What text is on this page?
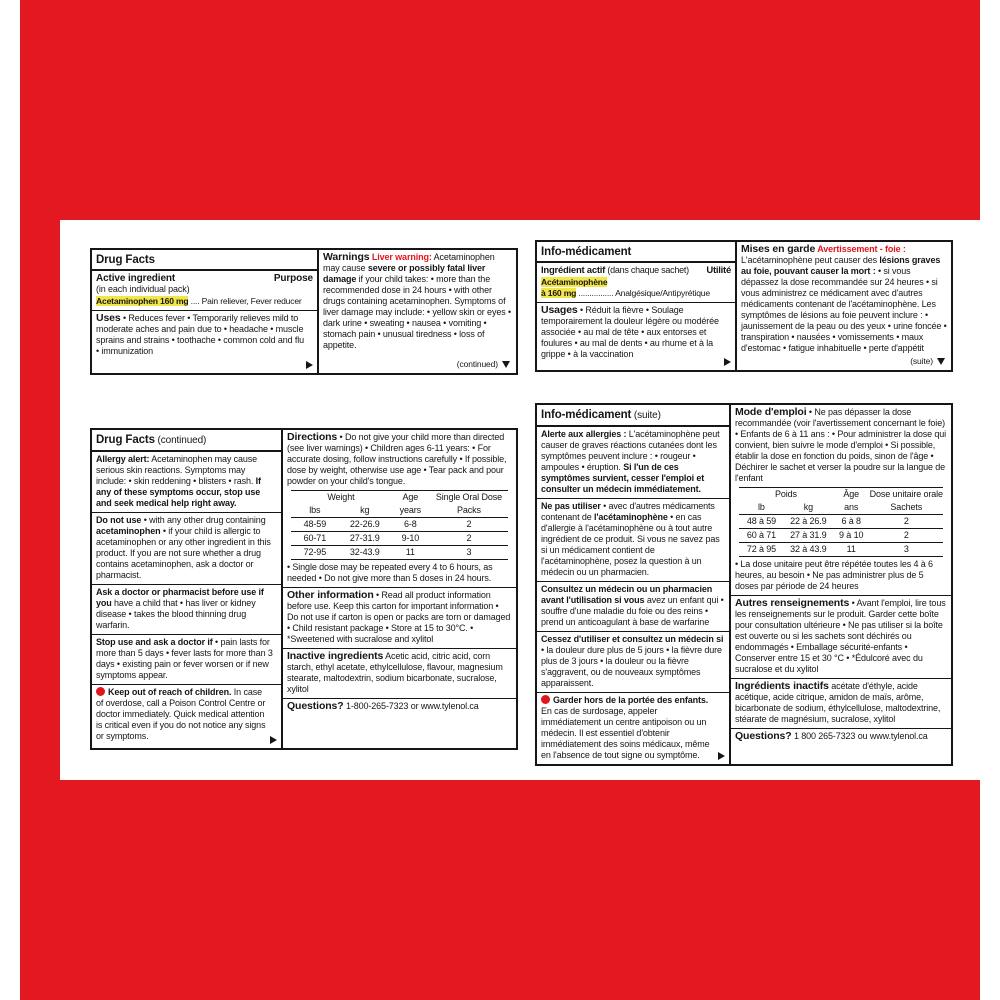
Drug Facts
Active ingredient	Purpose
(in each individual pack)
Acetaminophen 160 mg .... Pain reliever, Fever reducer

Uses • Reduces fever • Temporarily relieves mild to moderate aches and pain due to • headache • muscle sprains and strains • toothache • common cold and flu • immunization

Warnings Liver warning: Acetaminophen may cause severe or possibly fatal liver damage if your child takes: • more than the recommended dose in 24 hours • with other drugs containing acetaminophen. Symptoms of liver damage may include: • yellow skin or eyes • dark urine • sweating • nausea • vomiting • stomach pain • unusual tiredness • loss of appetite.

(continued)
Info-médicament
Ingrédient actif (dans chaque sachet) Utilité
Acétaminophène
à 160 mg ................ Analgésique/Antipyrétique

Usages • Réduit la fièvre • Soulage temporairement la douleur légère ou modérée associée • au mal de tête • aux entorses et foulures • au mal de dents • au rhume et à la grippe • à la vaccination

Mises en garde Avertissement - foie : L'acétaminophène peut causer des lésions graves au foie, pouvant causer la mort : • si vous dépassez la dose recommandée sur 24 heures • si vous administrez ce médicament avec d'autres médicaments contenant de l'acétaminophène. Les symptômes de lésions au foie peuvent inclure : • jaunissement de la peau ou des yeux • urine foncée • transpiration • nausées • vomissements • maux d'estomac • fatigue inhabituelle • perte d'appétit

(suite)
Drug Facts (continued)

Allergy alert: Acetaminophen may cause serious skin reactions. Symptoms may include: • skin reddening • blisters • rash. If any of these symptoms occur, stop use and seek medical help right away.

Do not use • with any other drug containing acetaminophen • if your child is allergic to acetaminophen or any other ingredient in this product. If you are not sure whether a drug contains acetaminophen, ask a doctor or pharmacist.

Ask a doctor or pharmacist before use if you have a child that • has liver or kidney disease • takes the blood thinning drug warfarin.

Stop use and ask a doctor if • pain lasts for more than 5 days • fever lasts for more than 3 days • existing pain or fever worsen or if new symptoms appear.

Keep out of reach of children. In case of overdose, call a Poison Control Centre or doctor immediately. Quick medical attention is critical even if you do not notice any signs or symptoms.

Directions • Do not give your child more than directed (see liver warnings) • Children ages 6-11 years: • For accurate dosing, follow instructions carefully • If possible, dose by weight, otherwise use age • Tear pack and pour powder on your child's tongue.

Weight		Age	Single Oral Dose
lbs	kg	years	Packs
48-59	22-26.9	6-8	2
60-71	27-31.9	9-10	2
72-95	32-43.9	11	3

• Single dose may be repeated every 4 to 6 hours, as needed • Do not give more than 5 doses in 24 hours.

Other information • Read all product information before use. Keep this carton for important information • Do not use if carton is open or packs are torn or damaged • Child resistant package • Store at 15 to 30°C. • *Sweetened with sucralose and xylitol

Inactive ingredients Acetic acid, citric acid, corn starch, ethyl acetate, ethylcellulose, flavour, magnesium stearate, maltodextrin, sodium bicarbonate, sucralose, xylitol

Questions? 1-800-265-7323 or www.tylenol.ca

Info-médicament (suite)

Alerte aux allergies : L'acétaminophène peut causer de graves réactions cutanées dont les symptômes peuvent inclure : • rougeur • ampoules • éruption. Si l'un de ces symptômes survient, cesser l'emploi et consulter un médecin immédiatement.

Ne pas utiliser • avec d'autres médicaments contenant de l'acétaminophène • en cas d'allergie à l'acétaminophène ou à tout autre ingrédient de ce produit. Si vous ne savez pas si un médicament contient de l'acétaminophène, posez la question à un médecin ou un pharmacien.

Consultez un médecin ou un pharmacien avant l'utilisation si vous avez un enfant qui • souffre d'une maladie du foie ou des reins • prend un anticoagulant à base de warfarine

Cessez d'utiliser et consultez un médecin si • la douleur dure plus de 5 jours • la fièvre dure plus de 3 jours • la douleur ou la fièvre s'aggravent, ou de nouveaux symptômes apparaissent.

Garder hors de la portée des enfants. En cas de surdosage, appeler immédiatement un centre antipoison ou un médecin. Il est essentiel d'obtenir immédiatement des soins médicaux, même en l'absence de tout signe ou symptôme.

Mode d'emploi • Ne pas dépasser la dose recommandée (voir l'avertissement concernant le foie) • Enfants de 6 à 11 ans : • Pour administrer la dose qui convient, bien suivre le mode d'emploi • Si possible, établir la dose en fonction du poids, sinon de l'âge • Déchirer le sachet et verser la poudre sur la langue de l'enfant

Poids		Âge	Dose unitaire orale
lb	kg	ans	Sachets
48 à 59	22 à 26.9	6 à 8	2
60 à 71	27 à 31.9	9 à 10	2
72 à 95	32 à 43.9	11	3

• La dose unitaire peut être répétée toutes les 4 à 6 heures, au besoin • Ne pas administrer plus de 5 doses par période de 24 heures

Autres renseignements • Avant l'emploi, lire tous les renseignements sur le produit. Garder cette boîte pour consultation ultérieure • Ne pas utiliser si la boîte est ouverte ou si les sachets sont déchirés ou endommagés • Emballage sécurité-enfants • Conserver entre 15 et 30 °C • *Édulcoré avec du sucralose et du xylitol

Ingrédients inactifs acétate d'éthyle, acide acétique, acide citrique, amidon de maïs, arôme, bicarbonate de sodium, éthylcellulose, maltodextrine, stéarate de magnésium, sucralose, xylitol

Questions? 1 800 265-7323 ou www.tylenol.ca
